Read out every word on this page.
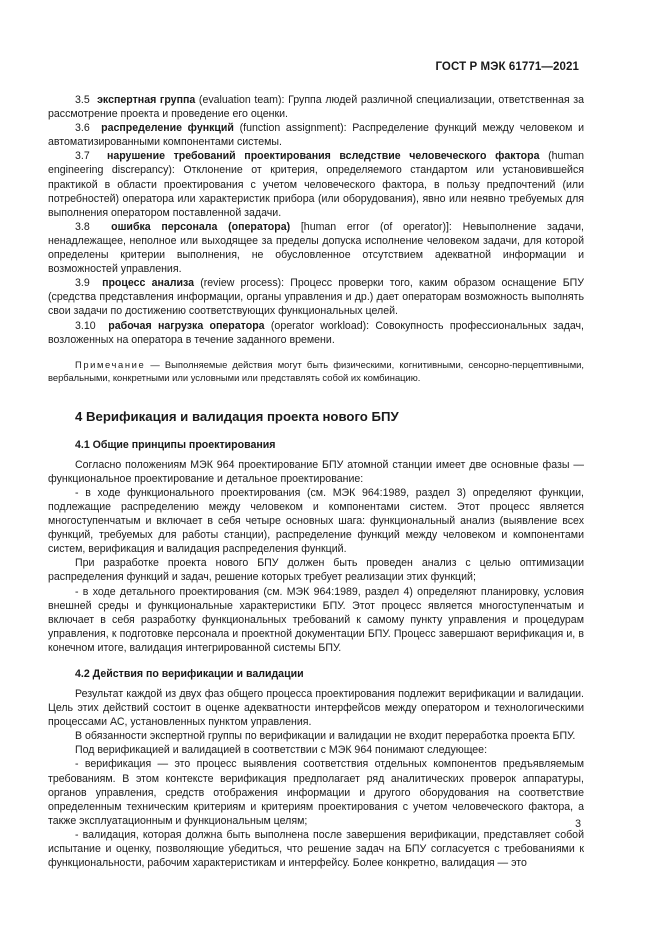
ГОСТ Р МЭК 61771—2021

3.5 экспертная группа (evaluation team): Группа людей различной специализации, ответственная за рассмотрение проекта и проведение его оценки.

3.6 распределение функций (function assignment): Распределение функций между человеком и автоматизированными компонентами системы.

3.7 нарушение требований проектирования вследствие человеческого фактора (human engineering discrepancy): Отклонение от критерия, определяемого стандартом или установившейся практикой в области проектирования с учетом человеческого фактора, в пользу предпочтений (или потребностей) оператора или характеристик прибора (или оборудования), явно или неявно требуемых для выполнения оператором поставленной задачи.

3.8 ошибка персонала (оператора) [human error (of operator)]: Невыполнение задачи, ненадлежащее, неполное или выходящее за пределы допуска исполнение человеком задачи, для которой определены критерии выполнения, не обусловленное отсутствием адекватной информации и возможностей управления.

3.9 процесс анализа (review process): Процесс проверки того, каким образом оснащение БПУ (средства представления информации, органы управления и др.) дает операторам возможность выполнять свои задачи по достижению соответствующих функциональных целей.

3.10 рабочая нагрузка оператора (operator workload): Совокупность профессиональных задач, возложенных на оператора в течение заданного времени.

Примечание — Выполняемые действия могут быть физическими, когнитивными, сенсорно-перцептивными, вербальными, конкретными или условными или представлять собой их комбинацию.

4 Верификация и валидация проекта нового БПУ
4.1 Общие принципы проектирования

Согласно положениям МЭК 964 проектирование БПУ атомной станции имеет две основные фазы — функциональное проектирование и детальное проектирование:

- в ходе функционального проектирования (см. МЭК 964:1989, раздел 3) определяют функции, подлежащие распределению между человеком и компонентами систем. Этот процесс является многоступенчатым и включает в себя четыре основных шага: функциональный анализ (выявление всех функций, требуемых для работы станции), распределение функций между человеком и компонентами систем, верификация и валидация распределения функций.

При разработке проекта нового БПУ должен быть проведен анализ с целью оптимизации распределения функций и задач, решение которых требует реализации этих функций;

- в ходе детального проектирования (см. МЭК 964:1989, раздел 4) определяют планировку, условия внешней среды и функциональные характеристики БПУ. Этот процесс является многоступенчатым и включает в себя разработку функциональных требований к самому пункту управления и процедурам управления, к подготовке персонала и проектной документации БПУ. Процесс завершают верификация и, в конечном итоге, валидация интегрированной системы БПУ.

4.2 Действия по верификации и валидации

Результат каждой из двух фаз общего процесса проектирования подлежит верификации и валидации. Цель этих действий состоит в оценке адекватности интерфейсов между оператором и технологическими процессами АС, установленных пунктом управления.

В обязанности экспертной группы по верификации и валидации не входит переработка проекта БПУ.

Под верификацией и валидацией в соответствии с МЭК 964 понимают следующее:

- верификация — это процесс выявления соответствия отдельных компонентов предъявляемым требованиям. В этом контексте верификация предполагает ряд аналитических проверок аппаратуры, органов управления, средств отображения информации и другого оборудования на соответствие определенным техническим критериям и критериям проектирования с учетом человеческого фактора, а также эксплуатационным и функциональным целям;

- валидация, которая должна быть выполнена после завершения верификации, представляет собой испытание и оценку, позволяющие убедиться, что решение задач на БПУ согласуется с требованиями к функциональности, рабочим характеристикам и интерфейсу. Более конкретно, валидация — это

3
